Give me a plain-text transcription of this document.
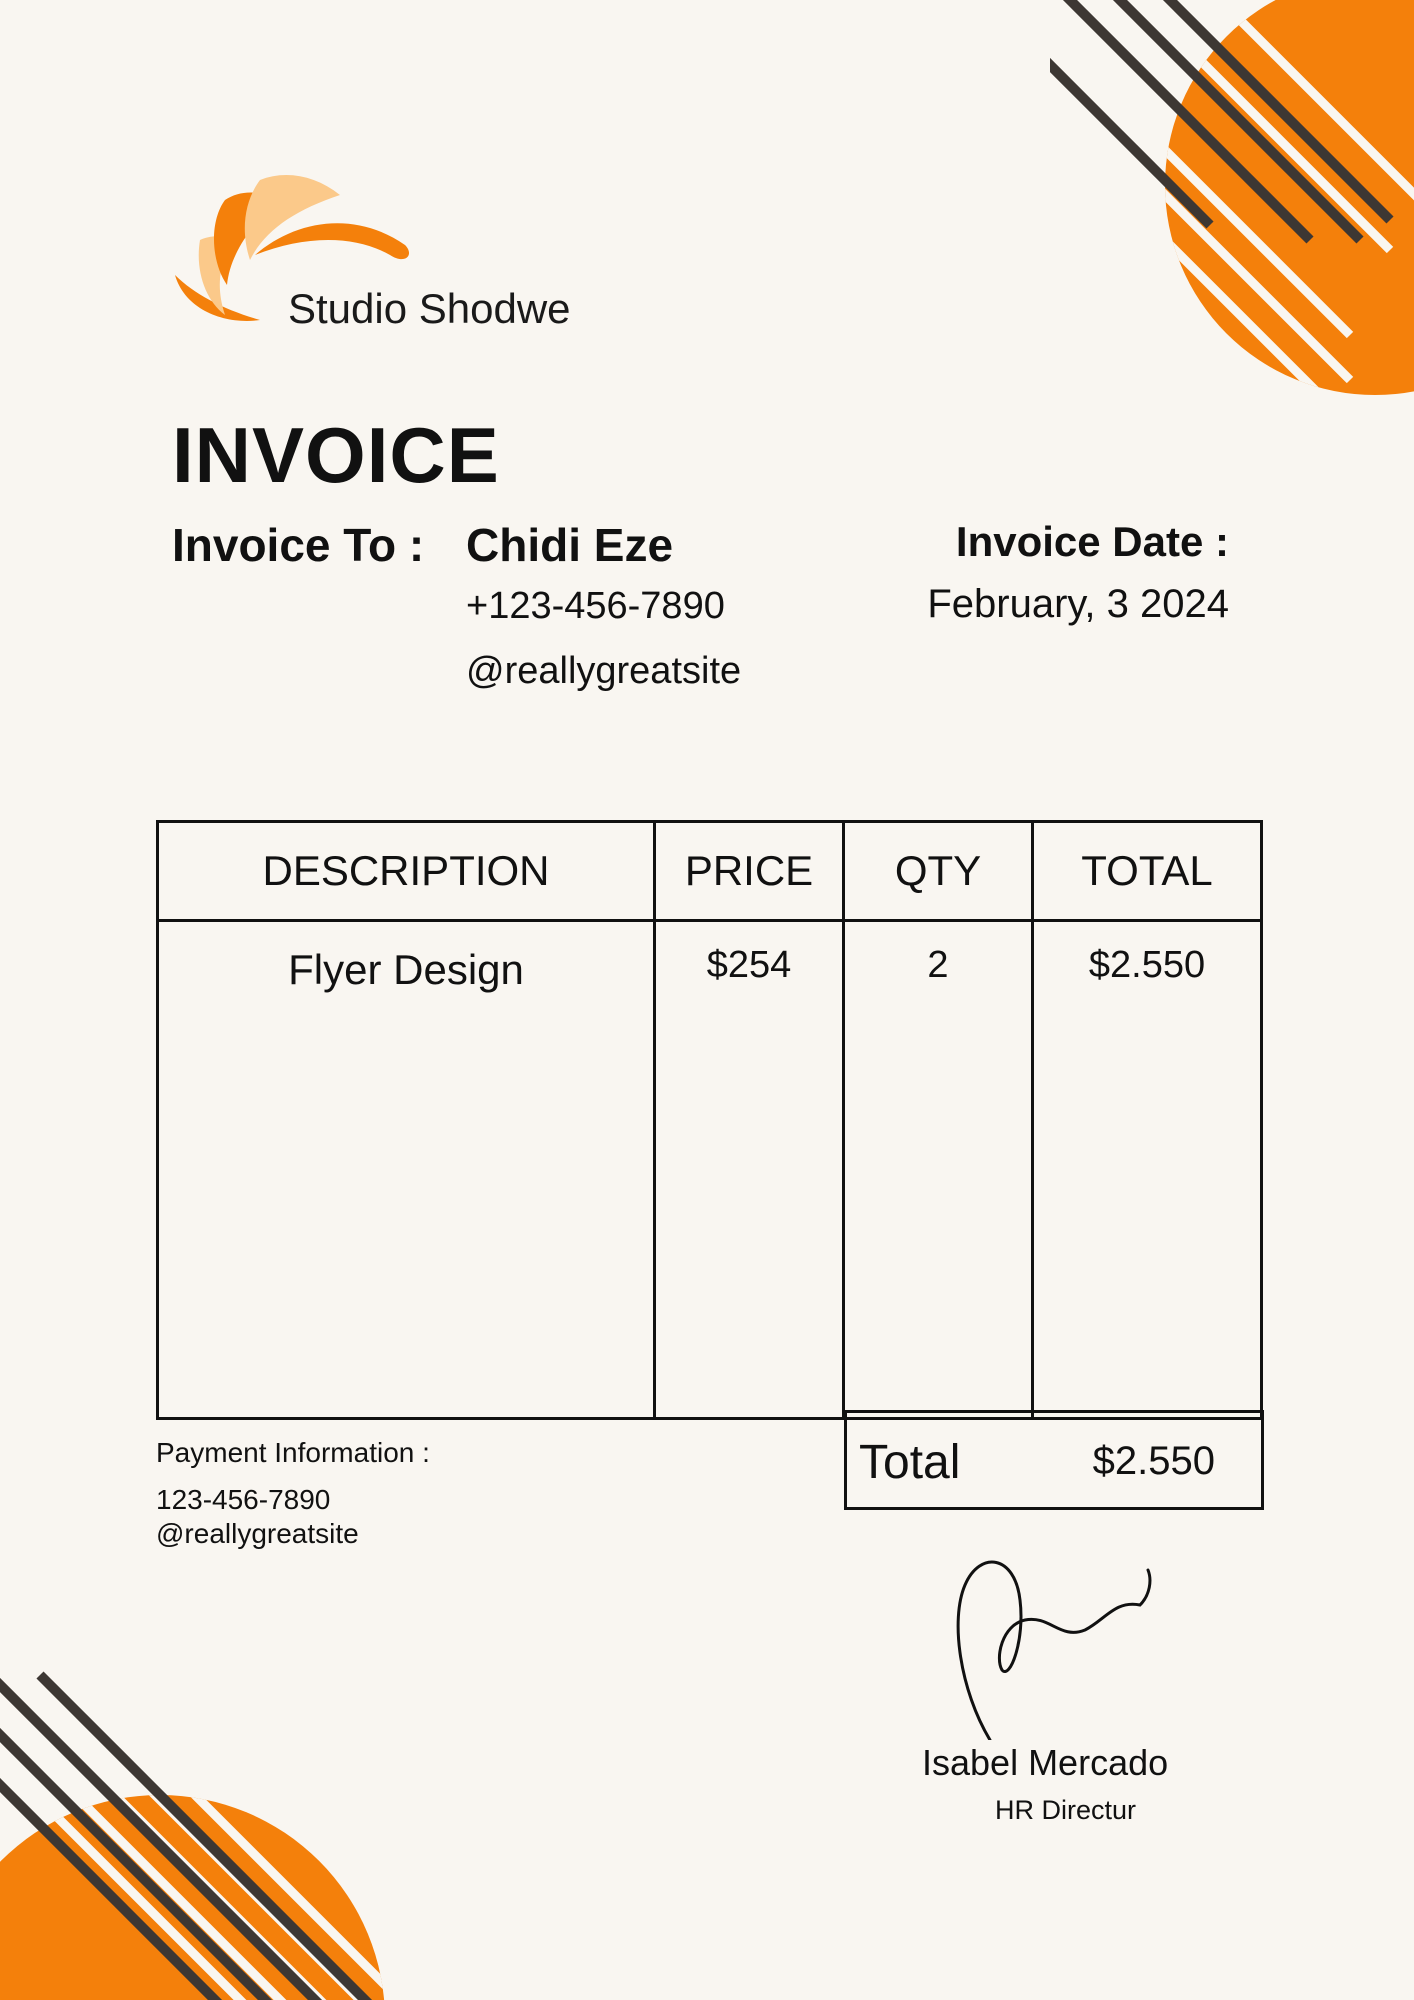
Studio Shodwe
INVOICE
Invoice To : Chidi Eze
+123-456-7890
@reallygreatsite
Invoice Date :
February, 3 2024
DESCRIPTION	PRICE	QTY	TOTAL
Flyer Design	$254	2	$2.550
Payment Information :
123-456-7890
@reallygreatsite
Total	$2.550
Isabel Mercado
HR Directur
